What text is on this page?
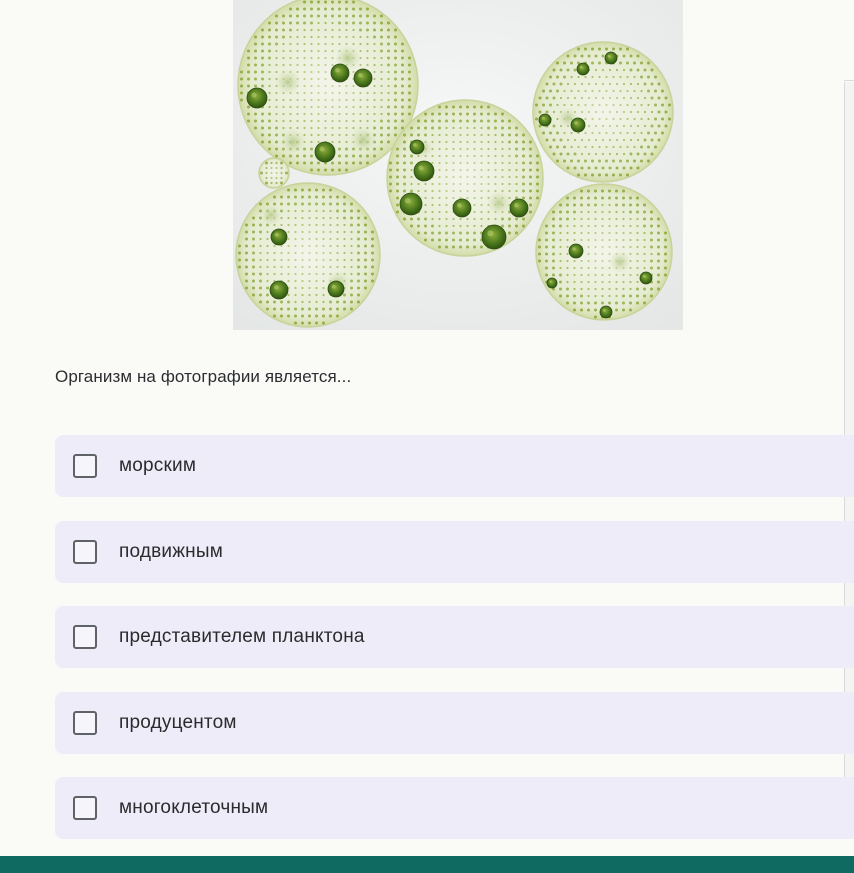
Организм на фотографии является...
морским
подвижным
представителем планктона
продуцентом
многоклеточным
